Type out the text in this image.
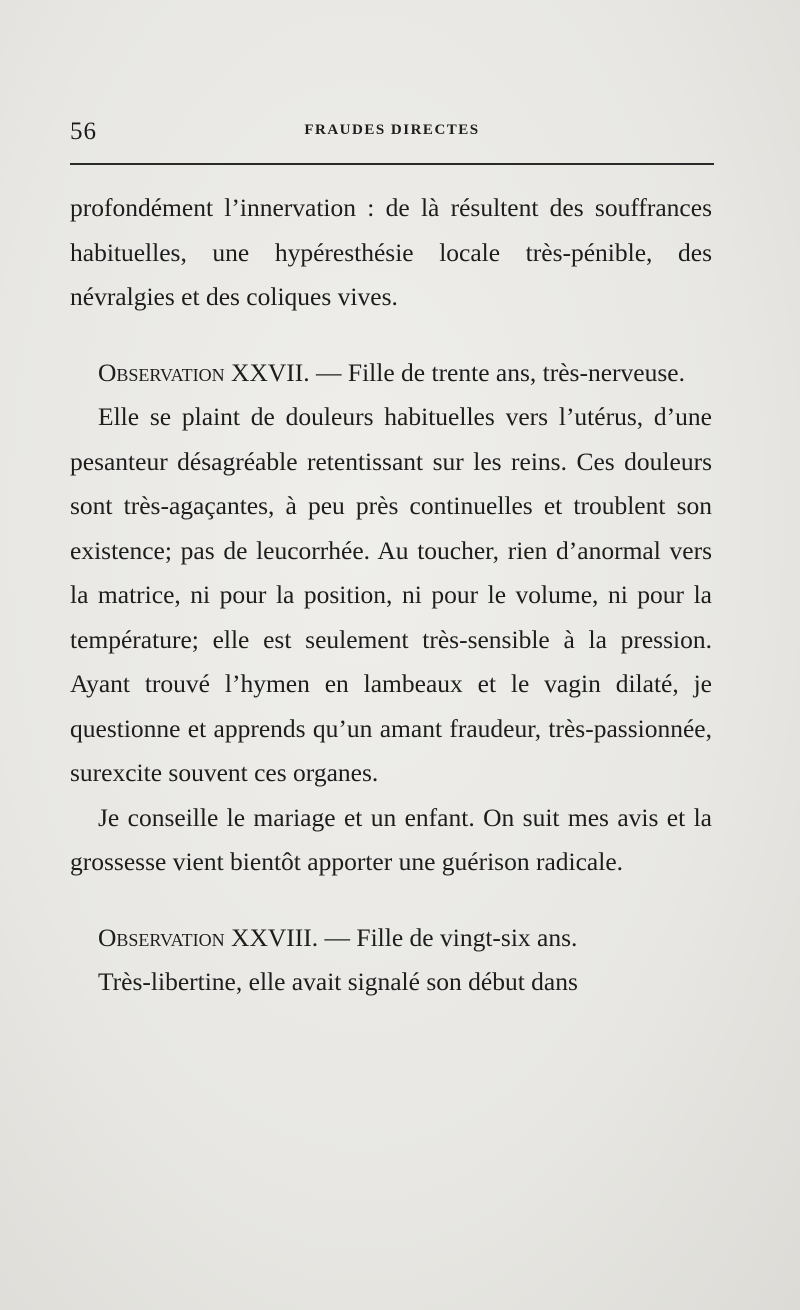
56	FRAUDES DIRECTES

profondément l’innervation : de là résultent des souffrances habituelles, une hypéresthésie locale très-pénible, des névralgies et des coliques vives.

Observation XXVII. — Fille de trente ans, très-nerveuse.

Elle se plaint de douleurs habituelles vers l’utérus, d’une pesanteur désagréable retentissant sur les reins. Ces douleurs sont très-agaçantes, à peu près continuelles et troublent son existence; pas de leucorrhée. Au toucher, rien d’anormal vers la matrice, ni pour la position, ni pour le volume, ni pour la température; elle est seulement très-sensible à la pression. Ayant trouvé l’hymen en lambeaux et le vagin dilaté, je questionne et apprends qu’un amant fraudeur, très-passionnée, surexcite souvent ces organes.

Je conseille le mariage et un enfant. On suit mes avis et la grossesse vient bientôt apporter une guérison radicale.

Observation XXVIII. — Fille de vingt-six ans.

Très-libertine, elle avait signalé son début dans
